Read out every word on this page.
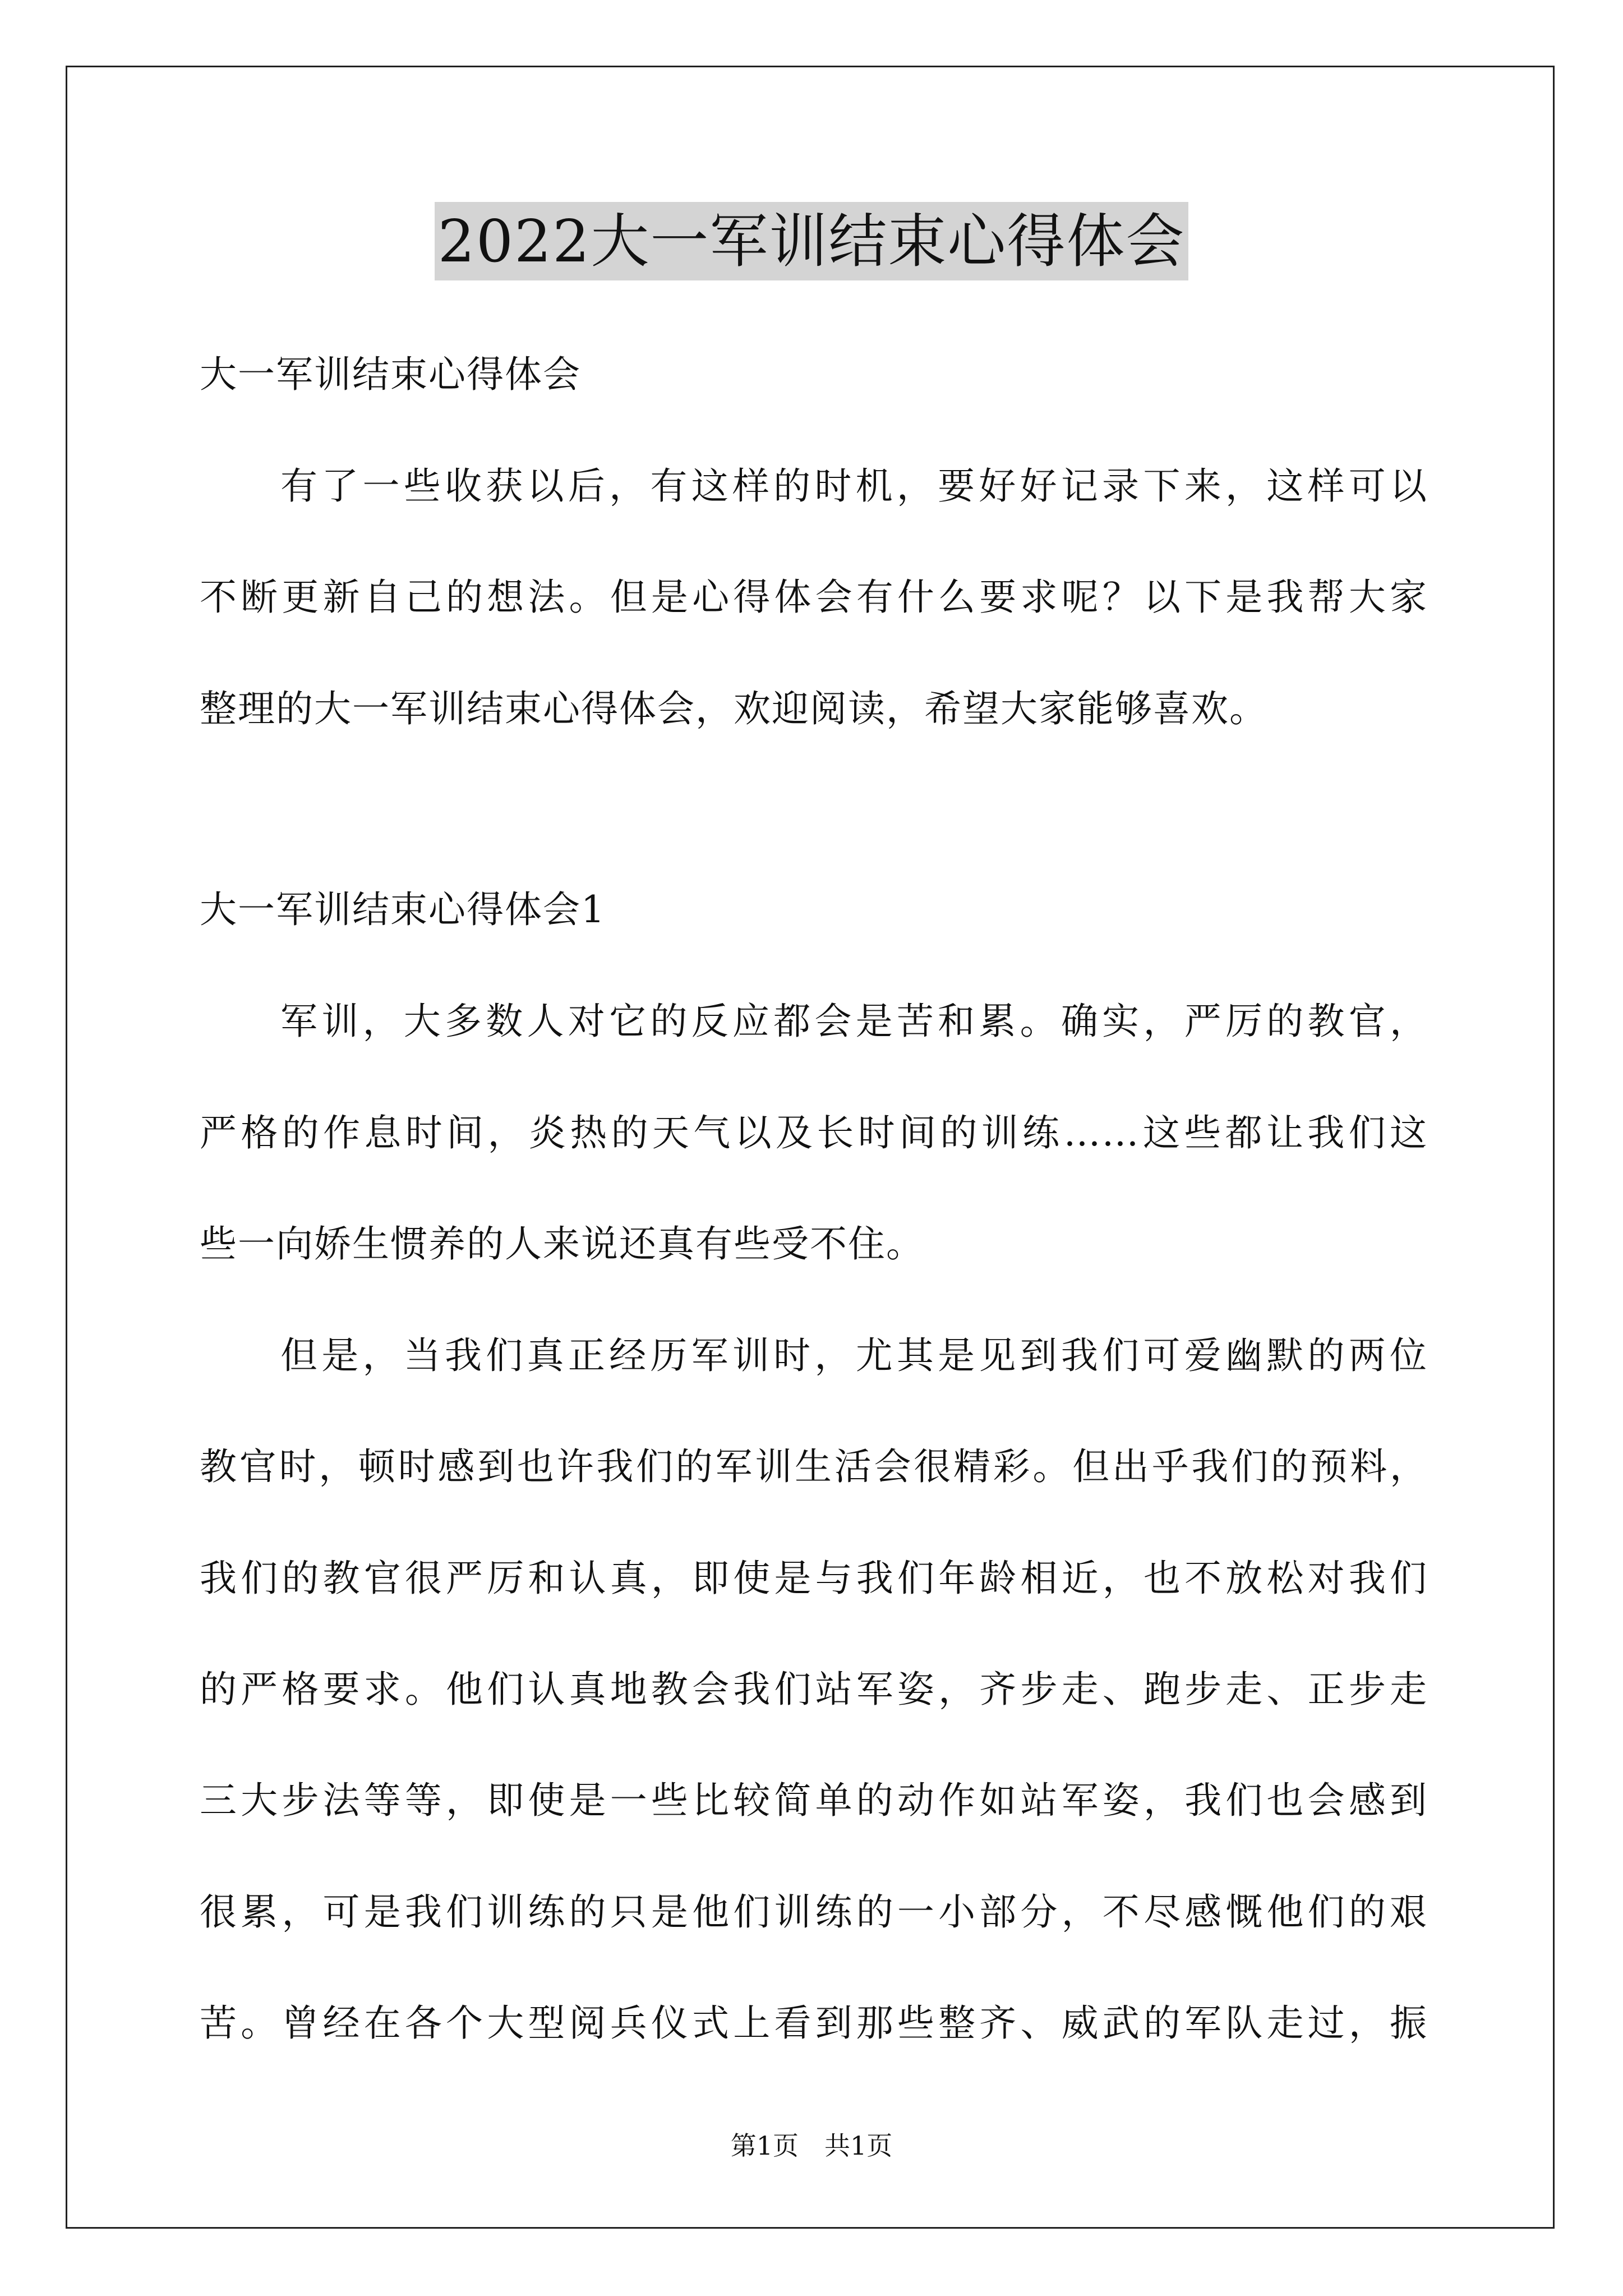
2022大一军训结束心得体会
大一军训结束心得体会
有了一些收获以后，有这样的时机，要好好记录下来，这样可以
不断更新自己的想法。但是心得体会有什么要求呢？以下是我帮大家
整理的大一军训结束心得体会，欢迎阅读，希望大家能够喜欢。
大一军训结束心得体会1
军训，大多数人对它的反应都会是苦和累。确实，严厉的教官，
严格的作息时间，炎热的天气以及长时间的训练……这些都让我们这
些一向娇生惯养的人来说还真有些受不住。
但是，当我们真正经历军训时，尤其是见到我们可爱幽默的两位
教官时，顿时感到也许我们的军训生活会很精彩。但出乎我们的预料，
我们的教官很严厉和认真，即使是与我们年龄相近，也不放松对我们
的严格要求。他们认真地教会我们站军姿，齐步走、跑步走、正步走
三大步法等等，即使是一些比较简单的动作如站军姿，我们也会感到
很累，可是我们训练的只是他们训练的一小部分，不尽感慨他们的艰
苦。曾经在各个大型阅兵仪式上看到那些整齐、威武的军队走过，振
第1页　共1页
